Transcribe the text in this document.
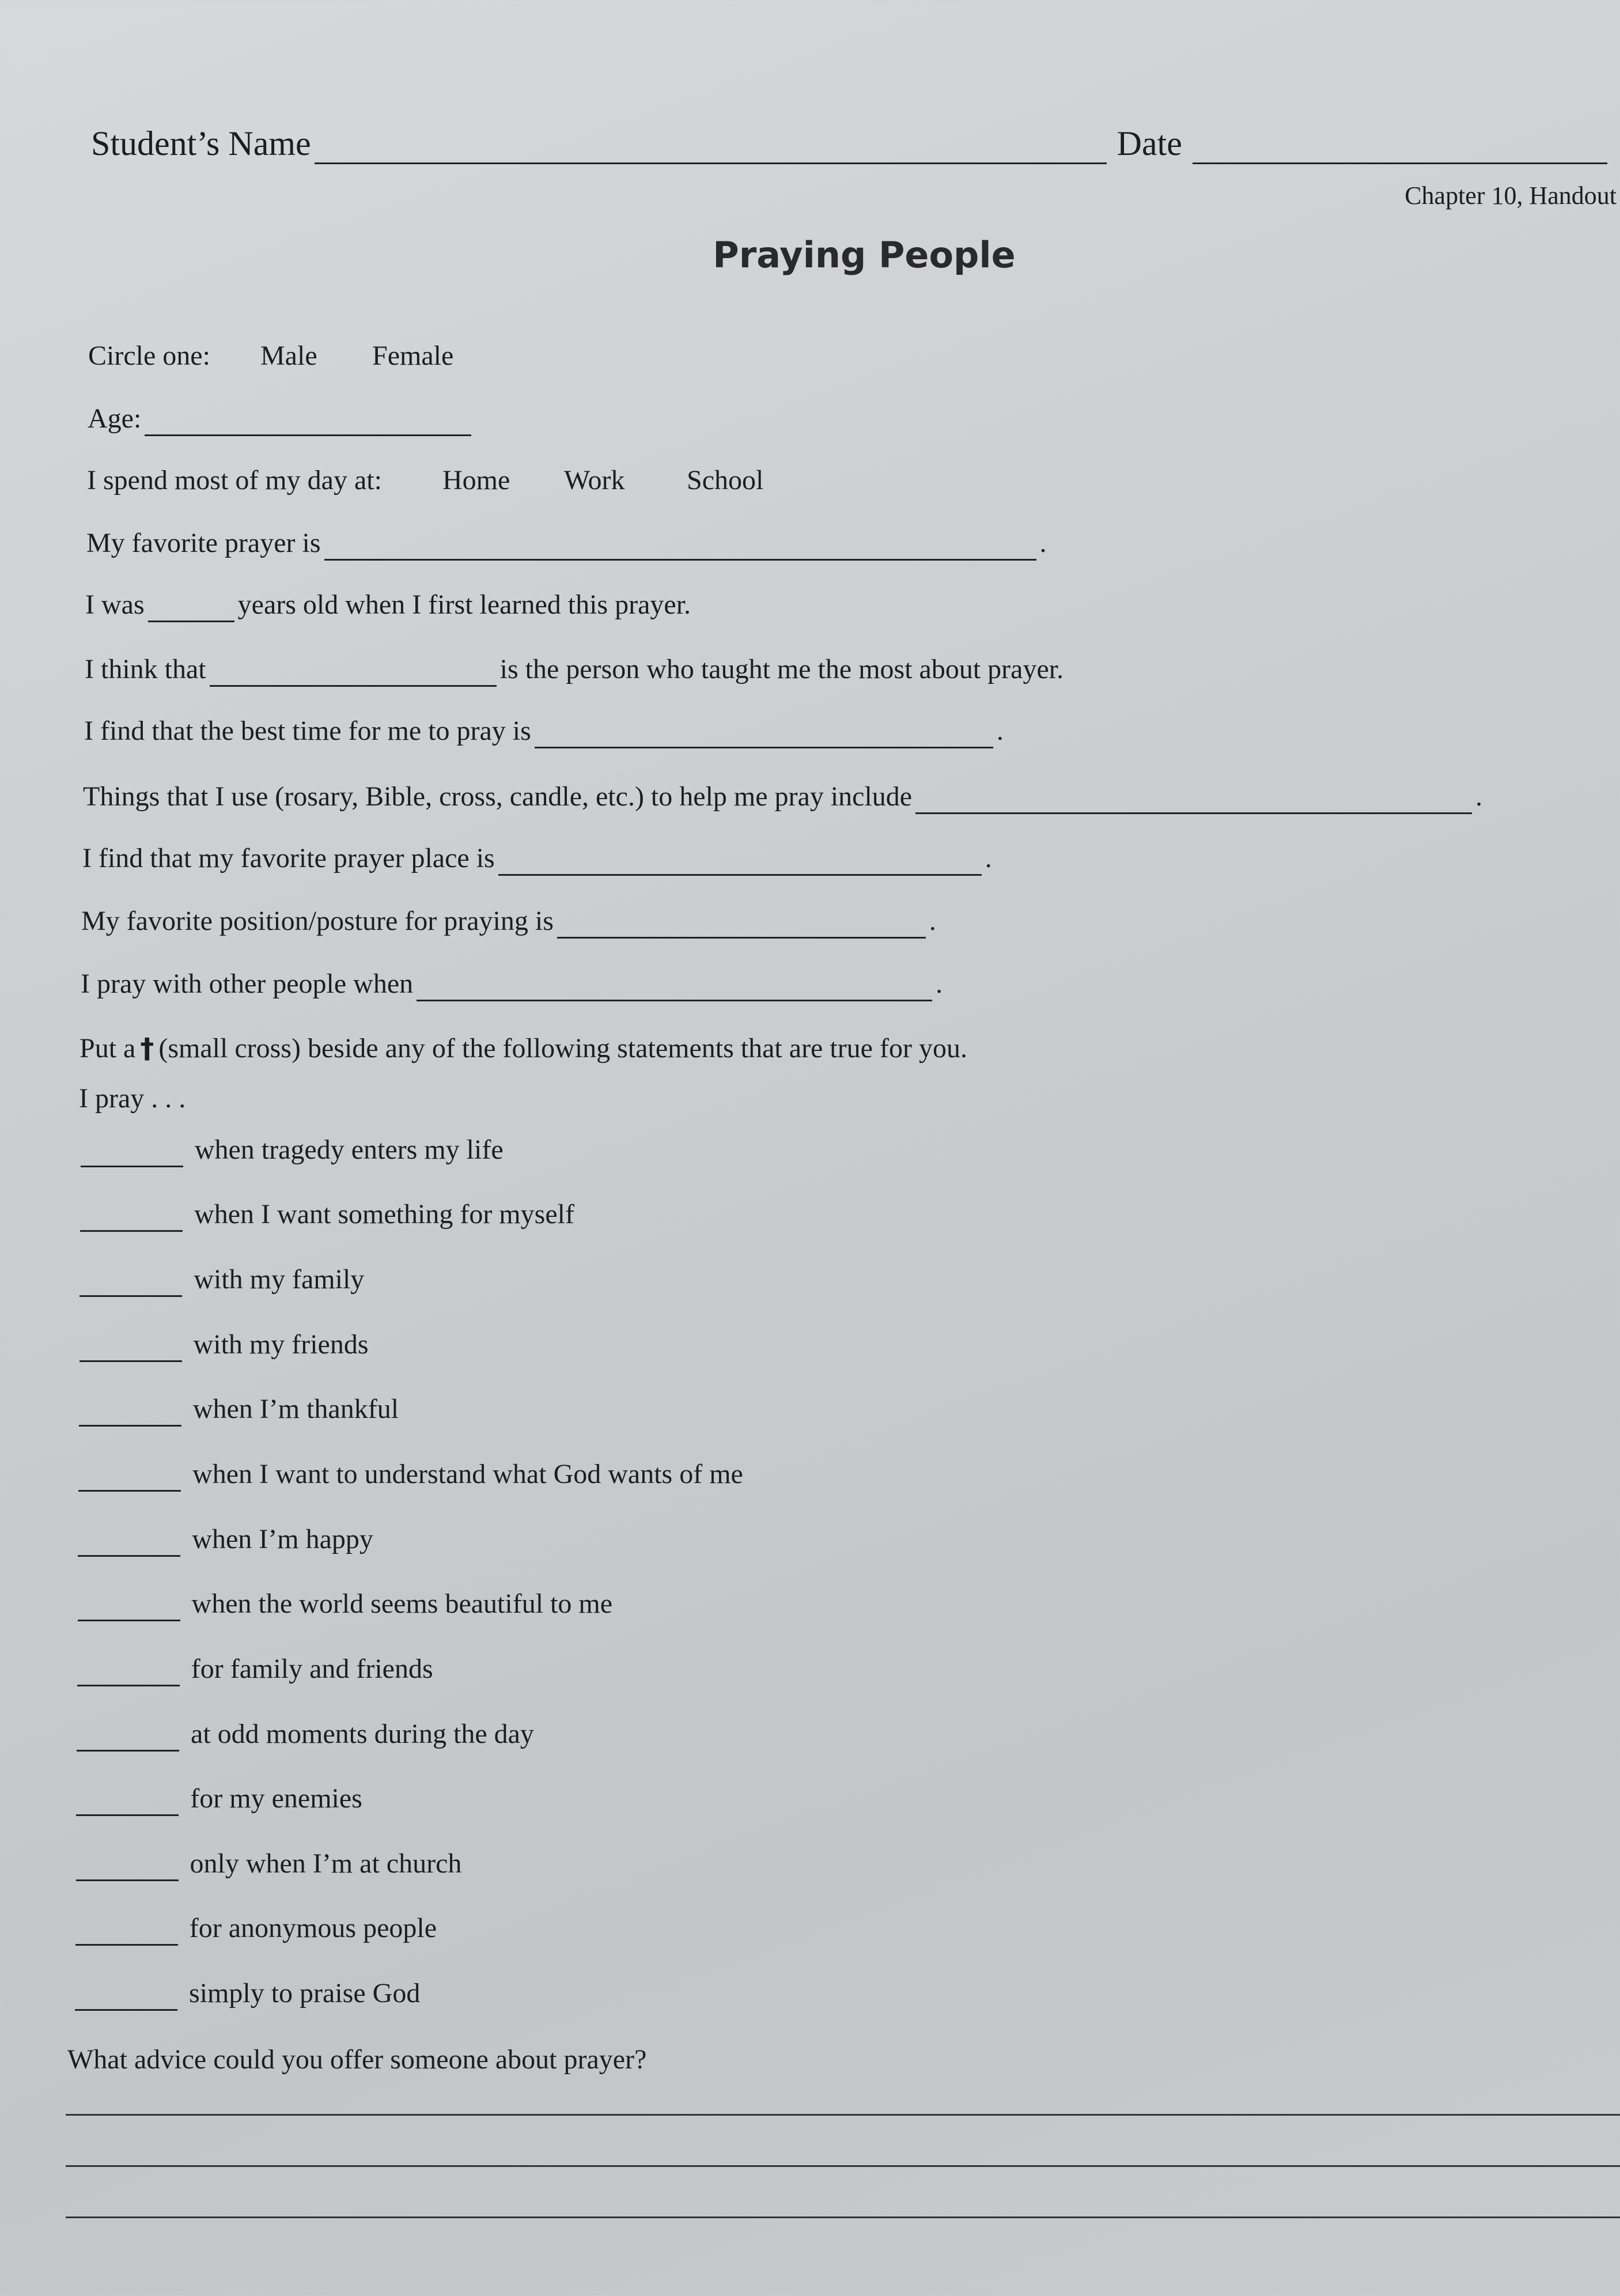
Student’s Name	Date
Chapter 10, Handout
Praying People
Circle one: Male Female
Age:
I spend most of my day at: Home Work School
My favorite prayer is	.
I was	years old when I first learned this prayer.
I think that	is the person who taught me the most about prayer.
I find that the best time for me to pray is	.
Things that I use (rosary, Bible, cross, candle, etc.) to help me pray include	.
I find that my favorite prayer place is	.
My favorite position/posture for praying is	.
I pray with other people when	.
Put a † (small cross) beside any of the following statements that are true for you.
I pray . . .
when tragedy enters my life
when I want something for myself
with my family
with my friends
when I’m thankful
when I want to understand what God wants of me
when I’m happy
when the world seems beautiful to me
for family and friends
at odd moments during the day
for my enemies
only when I’m at church
for anonymous people
simply to praise God
What advice could you offer someone about prayer?
